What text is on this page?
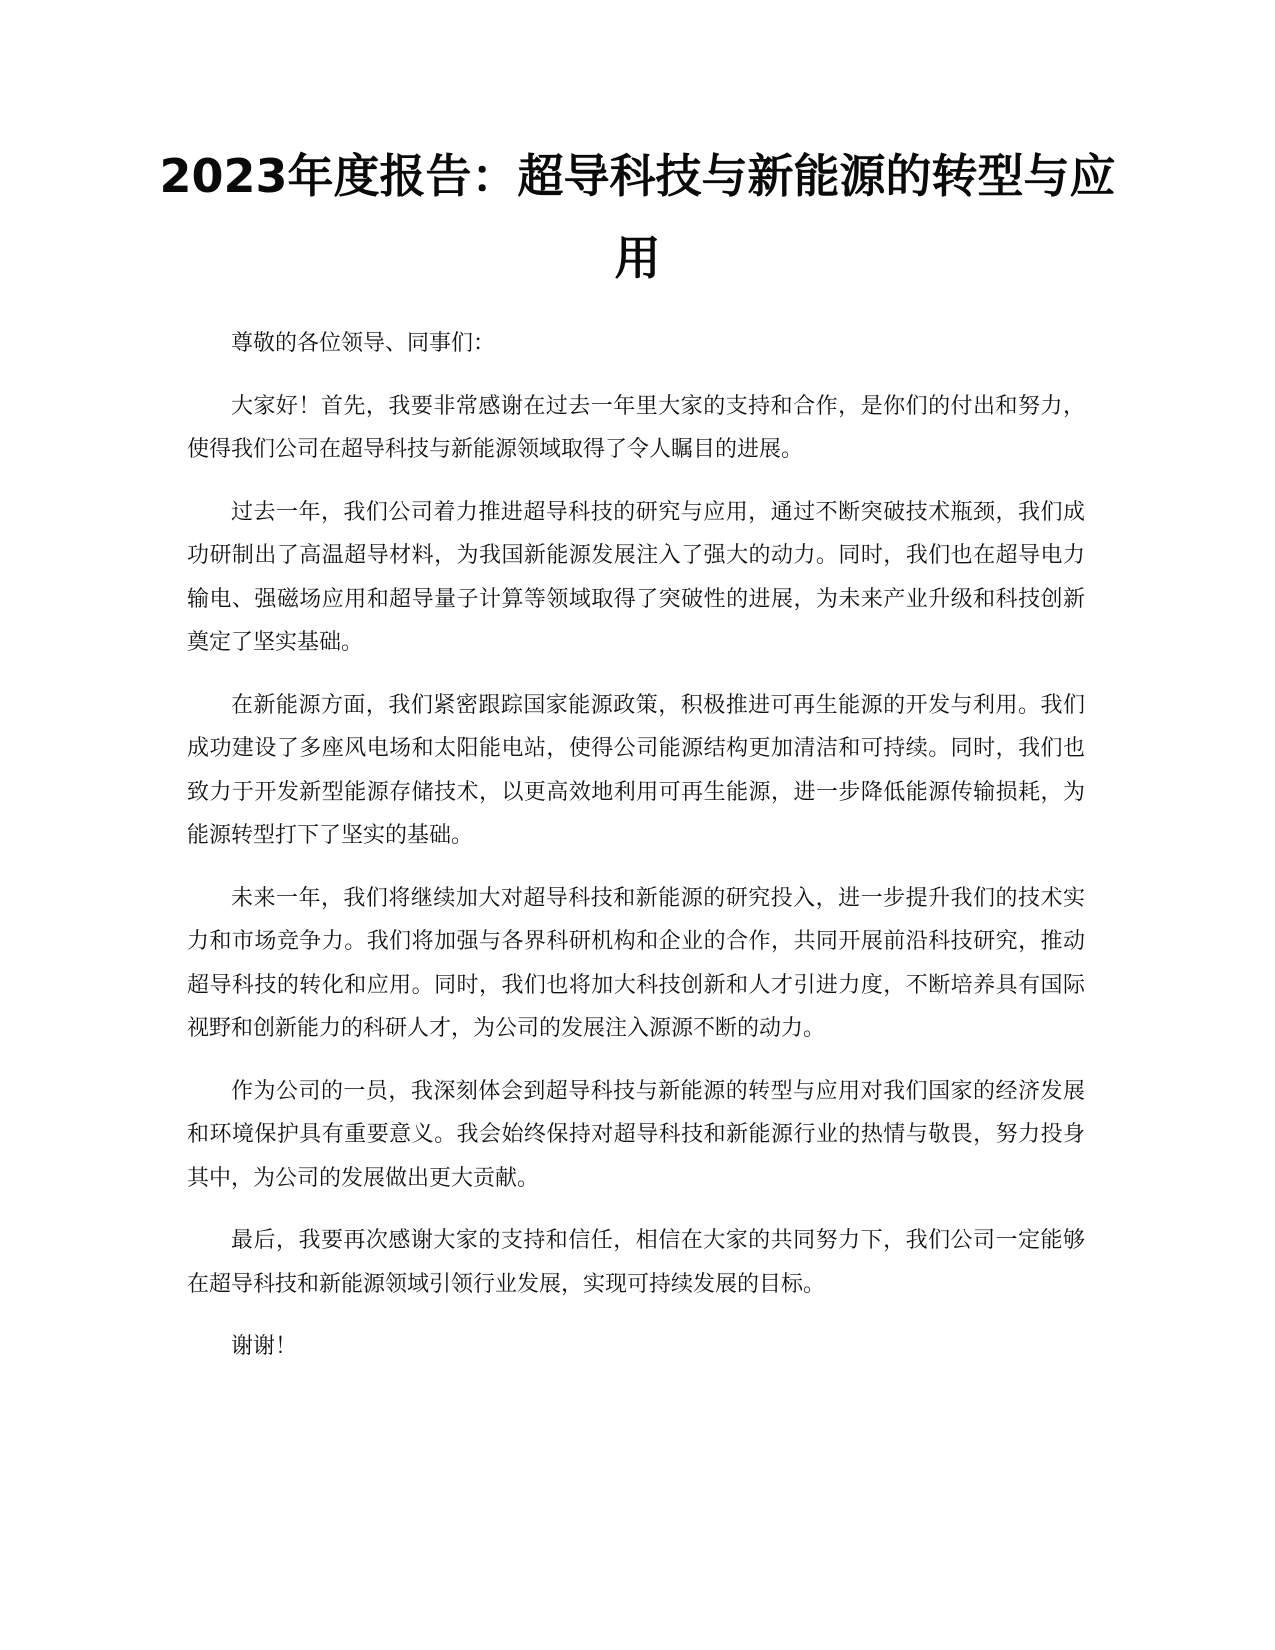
2023年度报告：超导科技与新能源的转型与应用

尊敬的各位领导、同事们：

大家好！首先，我要非常感谢在过去一年里大家的支持和合作，是你们的付出和努力，使得我们公司在超导科技与新能源领域取得了令人瞩目的进展。

过去一年，我们公司着力推进超导科技的研究与应用，通过不断突破技术瓶颈，我们成功研制出了高温超导材料，为我国新能源发展注入了强大的动力。同时，我们也在超导电力输电、强磁场应用和超导量子计算等领域取得了突破性的进展，为未来产业升级和科技创新奠定了坚实基础。

在新能源方面，我们紧密跟踪国家能源政策，积极推进可再生能源的开发与利用。我们成功建设了多座风电场和太阳能电站，使得公司能源结构更加清洁和可持续。同时，我们也致力于开发新型能源存储技术，以更高效地利用可再生能源，进一步降低能源传输损耗，为能源转型打下了坚实的基础。

未来一年，我们将继续加大对超导科技和新能源的研究投入，进一步提升我们的技术实力和市场竞争力。我们将加强与各界科研机构和企业的合作，共同开展前沿科技研究，推动超导科技的转化和应用。同时，我们也将加大科技创新和人才引进力度，不断培养具有国际视野和创新能力的科研人才，为公司的发展注入源源不断的动力。

作为公司的一员，我深刻体会到超导科技与新能源的转型与应用对我们国家的经济发展和环境保护具有重要意义。我会始终保持对超导科技和新能源行业的热情与敬畏，努力投身其中，为公司的发展做出更大贡献。

最后，我要再次感谢大家的支持和信任，相信在大家的共同努力下，我们公司一定能够在超导科技和新能源领域引领行业发展，实现可持续发展的目标。

谢谢！
